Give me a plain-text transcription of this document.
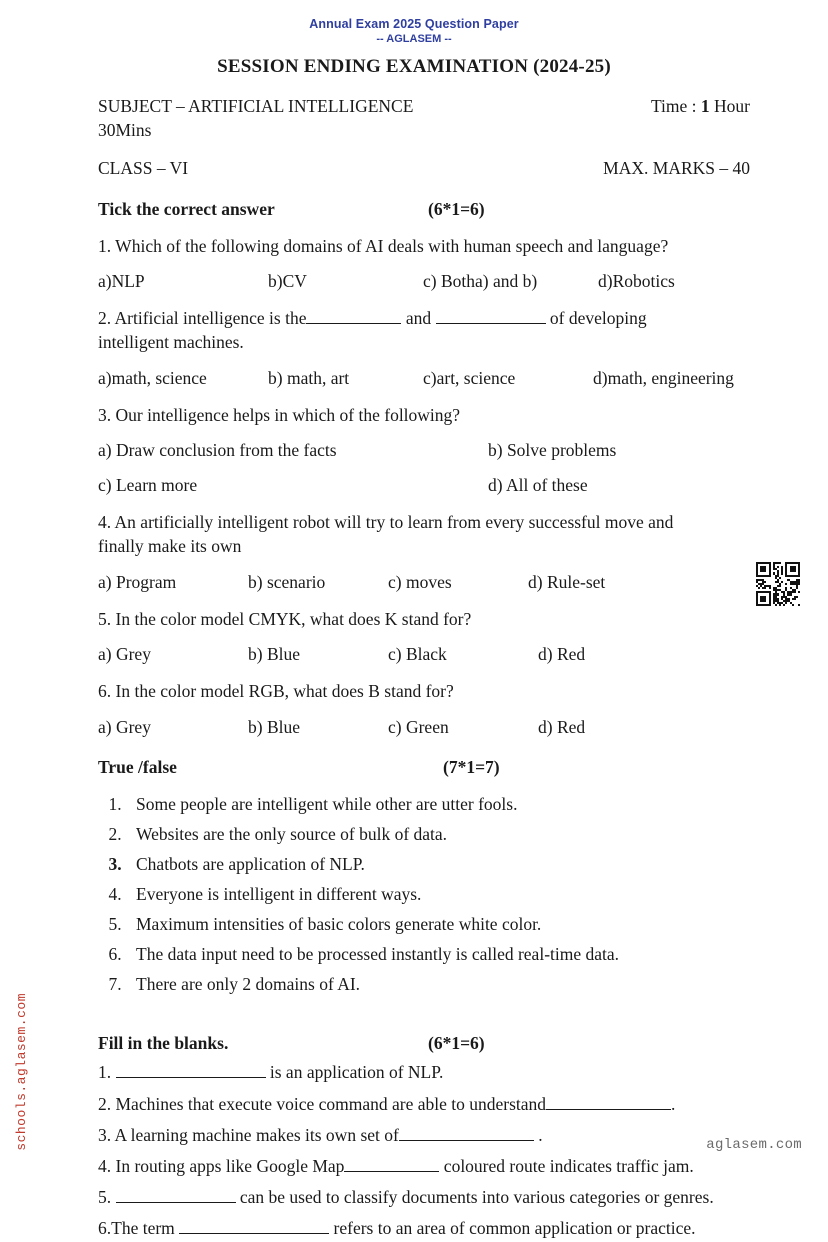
Annual Exam 2025 Question Paper
-- AGLASEM --
SESSION ENDING EXAMINATION (2024-25)
SUBJECT – ARTIFICIAL INTELLIGENCE	Time : 1 Hour
30Mins
CLASS – VI	MAX. MARKS – 40
Tick the correct answer	(6*1=6)
1. Which of the following domains of AI deals with human speech and language?
a)NLP	b)CV	c) Botha) and b)	d)Robotics
2. Artificial intelligence is the	and	of developing
intelligent machines.
a)math, science	b) math, art	c)art, science	d)math, engineering
3. Our intelligence helps in which of the following?
a) Draw conclusion from the facts	b) Solve problems
c) Learn more	d) All of these
4. An artificially intelligent robot will try to learn from every successful move and
finally make its own
a) Program	b) scenario	c) moves	d) Rule-set
5. In the color model CMYK, what does K stand for?
a) Grey	b) Blue	c) Black	d) Red
6. In the color model RGB, what does B stand for?
a) Grey	b) Blue	c) Green	d) Red
True /false	(7*1=7)
1. Some people are intelligent while other are utter fools.
2. Websites are the only source of bulk of data.
3. Chatbots are application of NLP.
4. Everyone is intelligent in different ways.
5. Maximum intensities of basic colors generate white color.
6. The data input need to be processed instantly is called real-time data.
7. There are only 2 domains of AI.
Fill in the blanks.	(6*1=6)
1.	is an application of NLP.
2. Machines that execute voice command are able to understand	.
3. A learning machine makes its own set of	.
4. In routing apps like Google Map	coloured route indicates traffic jam.
5.	can be used to classify documents into various categories or genres.
6.The term	refers to an area of common application or practice.
schools.aglasem.com	aglasem.com
